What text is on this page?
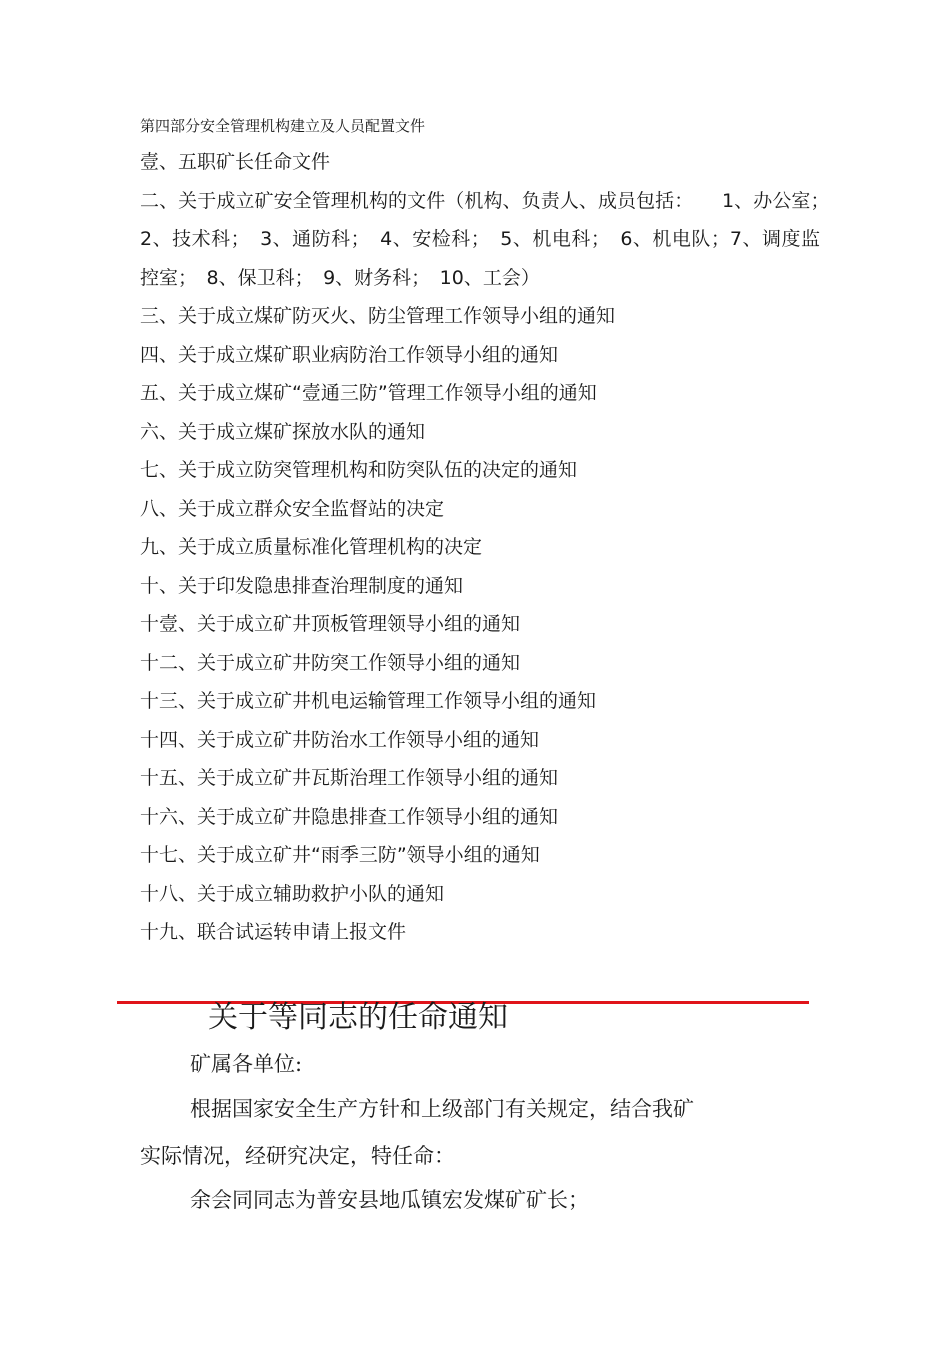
第四部分安全管理机构建立及人员配置文件
壹、五职矿长任命文件
二、关于成立矿安全管理机构的文件（机构、负责人、成员包括：　　1、办公室；　2、技术科；　3、通防科；　4、安检科；　5、机电科；　6、机电队；7、调度监控室；　8、保卫科；　9、财务科；　10、工会）
三、关于成立煤矿防灭火、防尘管理工作领导小组的通知
四、关于成立煤矿职业病防治工作领导小组的通知
五、关于成立煤矿“壹通三防”管理工作领导小组的通知
六、关于成立煤矿探放水队的通知
七、关于成立防突管理机构和防突队伍的决定的通知
八、关于成立群众安全监督站的决定
九、关于成立质量标准化管理机构的决定
十、关于印发隐患排查治理制度的通知
十壹、关于成立矿井顶板管理领导小组的通知
十二、关于成立矿井防突工作领导小组的通知
十三、关于成立矿井机电运输管理工作领导小组的通知
十四、关于成立矿井防治水工作领导小组的通知
十五、关于成立矿井瓦斯治理工作领导小组的通知
十六、关于成立矿井隐患排查工作领导小组的通知
十七、关于成立矿井“雨季三防”领导小组的通知
十八、关于成立辅助救护小队的通知
十九、联合试运转申请上报文件
关于等同志的任命通知
矿属各单位:
根据国家安全生产方针和上级部门有关规定，结合我矿
实际情况，经研究决定，特任命：
余会同同志为普安县地瓜镇宏发煤矿矿长；
